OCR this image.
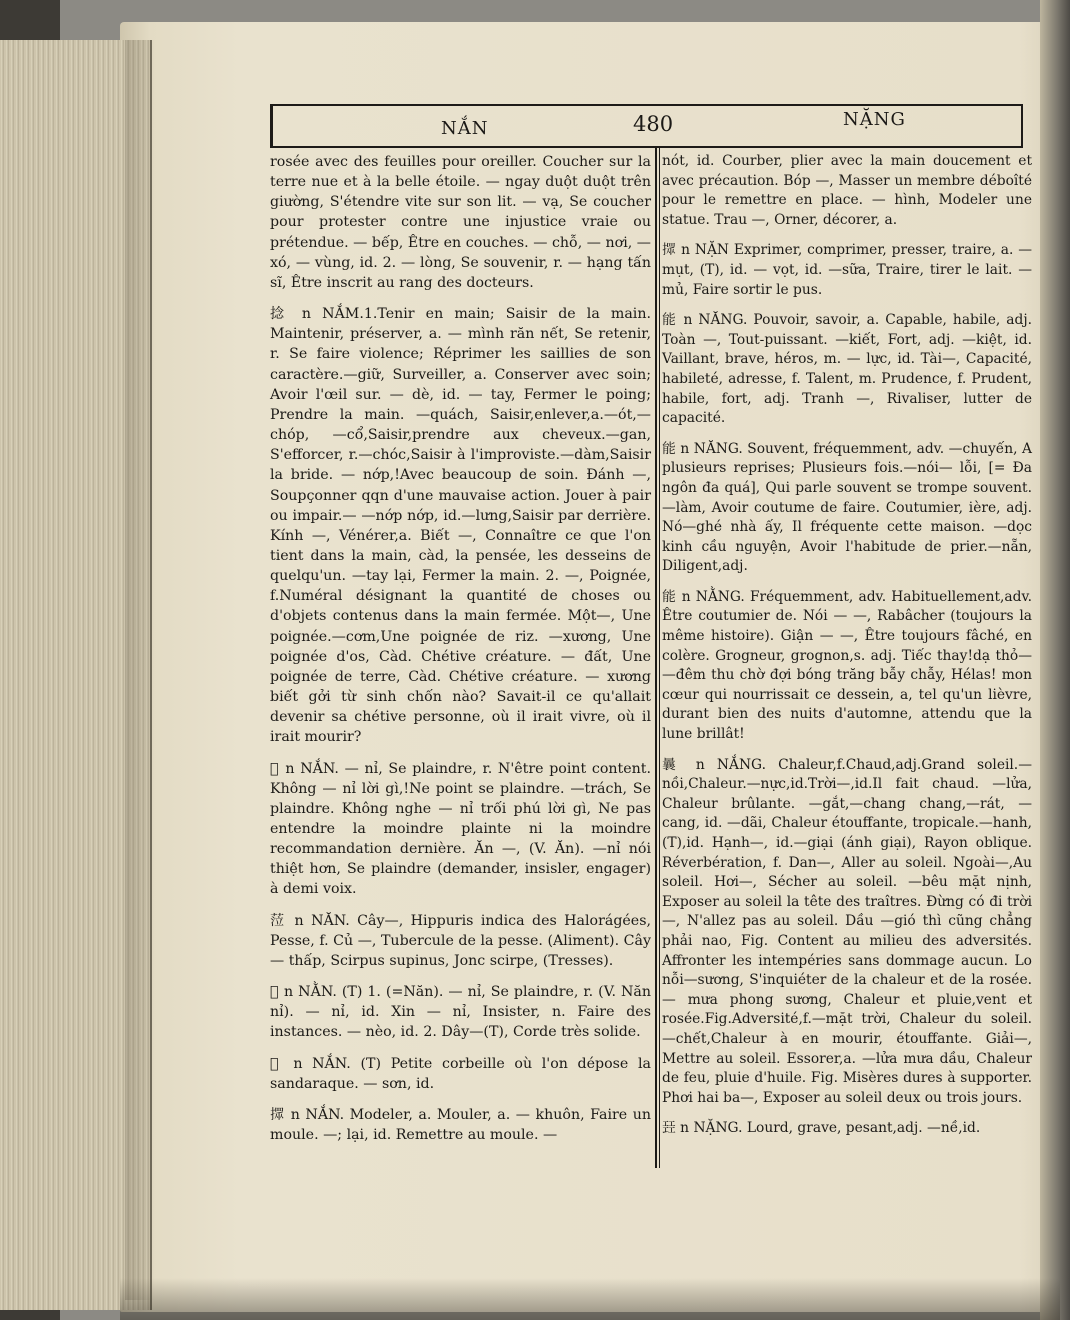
NẮN	480	NẶNG

rosée avec des feuilles pour oreiller. Coucher sur la terre nue et à la belle étoile. — ngay duột duột trên giường, S'étendre vite sur son lit. — vạ, Se coucher pour protester contre une injustice vraie ou prétendue. — bếp, Être en couches. — chỗ, — nơi, — xó, — vùng, id. 2. — lòng, Se souvenir, r. — hạng tấn sĩ, Être inscrit au rang des docteurs.

捻 n NẮM.1.Tenir en main; Saisir de la main. Maintenir, préserver, a. — mình răn nết, Se retenir, r. Se faire violence; Réprimer les saillies de son caractère.—giữ, Surveiller, a. Conserver avec soin; Avoir l'œil sur. — dè, id. — tay, Fermer le poing; Prendre la main. —quách, Saisir,enlever,a.—ót,—chóp, —cổ,Saisir,prendre aux cheveux.—gan, S'efforcer, r.—chóc,Saisir à l'improviste.—dàm,Saisir la bride. — nớp,!Avec beaucoup de soin. Đánh —, Soupçonner qqn d'une mauvaise action. Jouer à pair ou impair.— —nớp nớp, id.—lưng,Saisir par derrière. Kính —, Vénérer,a. Biết —, Connaître ce que l'on tient dans la main, càd, la pensée, les desseins de quelqu'un. —tay lại, Fermer la main. 2. —, Poignée, f.Numéral désignant la quantité de choses ou d'objets contenus dans la main fermée. Một—, Une poignée.—cơm,Une poignée de riz. —xương, Une poignée d'os, Càd. Chétive créature. — đất, Une poignée de terre, Càd. Chétive créature. — xương biết gởi từ sinh chốn nào? Savait-il ce qu'allait devenir sa chétive personne, où il irait vivre, où il irait mourir?

𠿰 n NẮN. — nỉ, Se plaindre, r. N'être point content. Không — nỉ lời gì,!Ne point se plaindre. —trách, Se plaindre. Không nghe — nỉ trối phú lời gì, Ne pas entendre la moindre plainte ni la moindre recommandation dernière. Ăn —, (V. Ăn). —nỉ nói thiệt hơn, Se plaindre (demander, insisler, engager) à demi voix.

𦲷 n NĂN. Cây—, Hippuris indica des Halorágées, Pesse, f. Củ —, Tubercule de la pesse. (Aliment). Cây — thấp, Scirpus supinus, Jonc scirpe, (Tresses).

𠿰 n NẰN. (T) 1. (=Năn). — nỉ, Se plaindre, r. (V. Năn nỉ). — nỉ, id. Xin — nỉ, Insister, n. Faire des instances. — nèo, id. 2. Dây—(T), Corde très solide.

𥲷 n NẮN. (T) Petite corbeille où l'on dépose la sandaraque. — sơn, id.

𢶢 n NẮN. Modeler, a. Mouler, a. — khuôn, Faire un moule. —; lại, id. Remettre au moule. —

nót, id. Courber, plier avec la main doucement et avec précaution. Bóp —, Masser un membre déboîté pour le remettre en place. — hình, Modeler une statue. Trau —, Orner, décorer, a.

𢶢 n NẶN Exprimer, comprimer, presser, traire, a. —mụt, (T), id. — vọt, id. —sữa, Traire, tirer le lait. — mủ, Faire sortir le pus.

能 n NĂNG. Pouvoir, savoir, a. Capable, habile, adj. Toàn —, Tout-puissant. —kiết, Fort, adj. —kiệt, id. Vaillant, brave, héros, m. — lực, id. Tài—, Capacité, habileté, adresse, f. Talent, m. Prudence, f. Prudent, habile, fort, adj. Tranh —, Rivaliser, lutter de capacité.

能 n NĂNG. Souvent, fréquemment, adv. —chuyến, A plusieurs reprises; Plusieurs fois.—nói— lỗi, [= Đa ngôn đa quá], Qui parle souvent se trompe souvent.—làm, Avoir coutume de faire. Coutumier, ière, adj. Nó—ghé nhà ấy, Il fréquente cette maison. —dọc kinh cầu nguyện, Avoir l'habitude de prier.—nẵn, Diligent,adj.

能 n NẰNG. Fréquemment, adv. Habituellement,adv. Être coutumier de. Nói — —, Rabâcher (toujours la même histoire). Giận — —, Être toujours fâché, en colère. Grogneur, grognon,s. adj. Tiếc thay!dạ thỏ— —đêm thu chờ đợi bóng trăng bẫy chẫy, Hélas! mon cœur qui nourrissait ce dessein, a, tel qu'un lièvre, durant bien des nuits d'automne, attendu que la lune brillât!

曩 n NẮNG. Chaleur,f.Chaud,adj.Grand soleil.—nồi,Chaleur.—nực,id.Trời—,id.Il fait chaud. —lửa, Chaleur brûlante. —gắt,—chang chang,—rát, — cang, id. —dãi, Chaleur étouffante, tropicale.—hanh, (T),id. Hạnh—, id.—giại (ánh giại), Rayon oblique. Réverbération, f. Dan—, Aller au soleil. Ngoài—,Au soleil. Hơi—, Sécher au soleil. —bêu mặt nịnh, Exposer au soleil la tête des traîtres. Đừng có đi trời—, N'allez pas au soleil. Dầu —gió thì cũng chẳng phải nao, Fig. Content au milieu des adversités. Affronter les intempéries sans dommage aucun. Lo nỗi—sương, S'inquiéter de la chaleur et de la rosée. — mưa phong sương, Chaleur et pluie,vent et rosée.Fig.Adversité,f.—mặt trời, Chaleur du soleil. —chết,Chaleur à en mourir, étouffante. Giải—, Mettre au soleil. Essorer,a. —lửa mưa dầu, Chaleur de feu, pluie d'huile. Fig. Misères dures à supporter. Phơi hai ba—, Exposer au soleil deux ou trois jours.

㠭 n NẶNG. Lourd, grave, pesant,adj. —nề,id.
